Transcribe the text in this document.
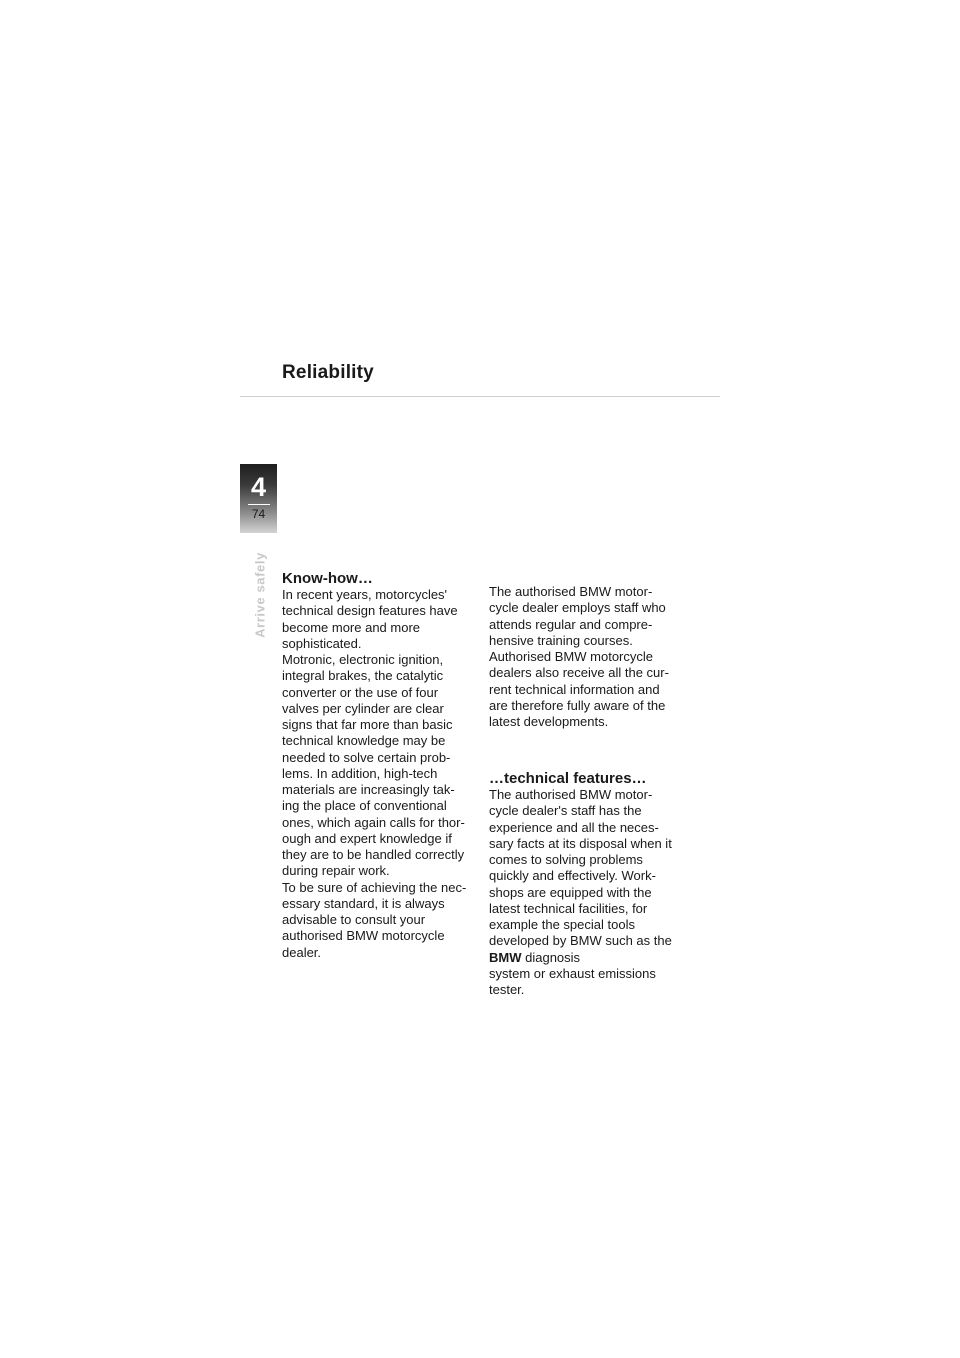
Reliability
4
74
Arrive safely Know-how…

In recent years, motorcycles'
technical design features have
become more and more
sophisticated.

Motronic, electronic ignition,
integral brakes, the catalytic
converter or the use of four
valves per cylinder are clear
signs that far more than basic
technical knowledge may be
needed to solve certain prob-
lems. In addition, high-tech
materials are increasingly tak-
ing the place of conventional
ones, which again calls for thor-
ough and expert knowledge if
they are to be handled correctly
during repair work.

To be sure of achieving the nec-
essary standard, it is always
advisable to consult your
authorised BMW motorcycle
dealer.

The authorised BMW motor-
cycle dealer employs staff who
attends regular and compre-
hensive training courses.
Authorised BMW motorcycle
dealers also receive all the cur-
rent technical information and
are therefore fully aware of the
latest developments.

…technical features…

The authorised BMW motor-
cycle dealer's staff has the
experience and all the neces-
sary facts at its disposal when it
comes to solving problems
quickly and effectively. Work-
shops are equipped with the
latest technical facilities, for
example the special tools
developed by BMW such as the
BMW diagnosis
system or exhaust emissions
tester.
